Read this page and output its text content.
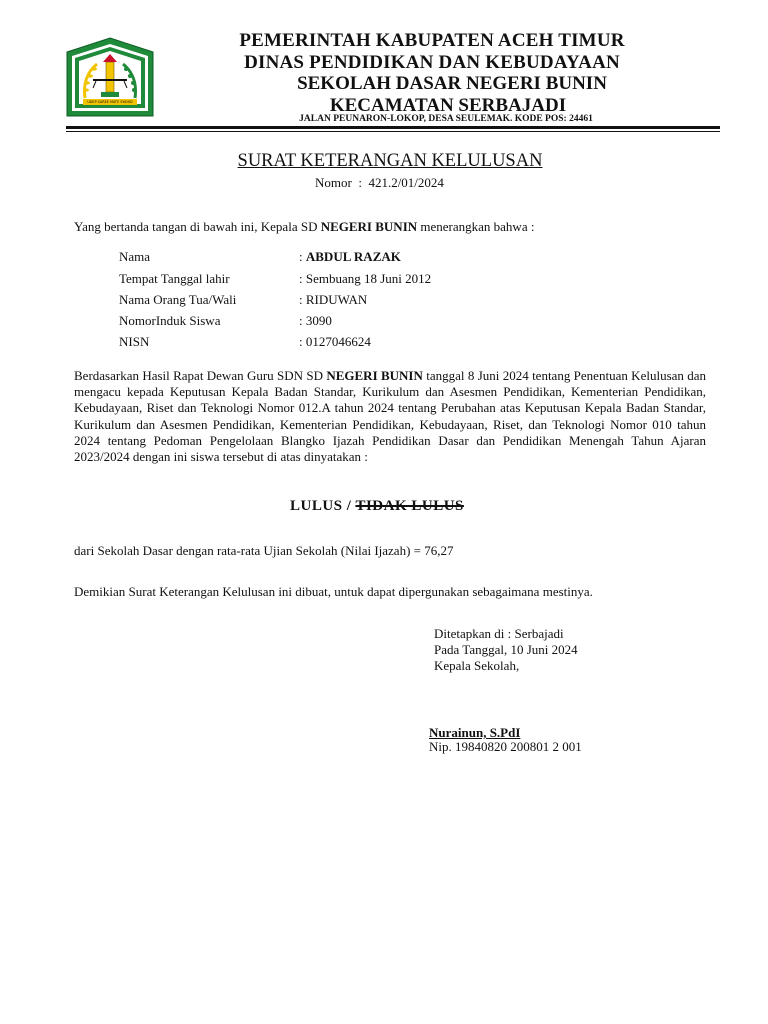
UDEP SAREE MATE SYAHID
PEMERINTAH KABUPATEN ACEH TIMUR
DINAS PENDIDIKAN DAN KEBUDAYAAN
SEKOLAH DASAR NEGERI BUNIN
KECAMATAN SERBAJADI
JALAN PEUNARON-LOKOP, DESA SEULEMAK. KODE POS: 24461
SURAT KETERANGAN KELULUSAN
Nomor  :  421.2/01/2024
Yang bertanda tangan di bawah ini, Kepala SD NEGERI BUNIN menerangkan bahwa :
Nama	: ABDUL RAZAK
Tempat Tanggal lahir	: Sembuang 18 Juni 2012
Nama Orang Tua/Wali	: RIDUWAN
NomorInduk Siswa	: 3090
NISN	: 0127046624
Berdasarkan Hasil Rapat Dewan Guru SDN SD NEGERI BUNIN tanggal 8 Juni 2024 tentang Penentuan Kelulusan dan mengacu kepada Keputusan Kepala Badan Standar, Kurikulum dan Asesmen Pendidikan, Kementerian Pendidikan, Kebudayaan, Riset dan Teknologi Nomor 012.A tahun 2024 tentang Perubahan atas Keputusan Kepala Badan Standar, Kurikulum dan Asesmen Pendidikan, Kementerian Pendidikan, Kebudayaan, Riset, dan Teknologi Nomor 010 tahun 2024 tentang Pedoman Pengelolaan Blangko Ijazah Pendidikan Dasar dan Pendidikan Menengah Tahun Ajaran 2023/2024 dengan ini siswa tersebut di atas dinyatakan :
LULUS / TIDAK LULUS
dari Sekolah Dasar dengan rata-rata Ujian Sekolah (Nilai Ijazah) = 76,27
Demikian Surat Keterangan Kelulusan ini dibuat, untuk dapat dipergunakan sebagaimana mestinya.
Ditetapkan di : Serbajadi
Pada Tanggal, 10 Juni 2024
Kepala Sekolah,
Nurainun, S.PdI
Nip. 19840820 200801 2 001
